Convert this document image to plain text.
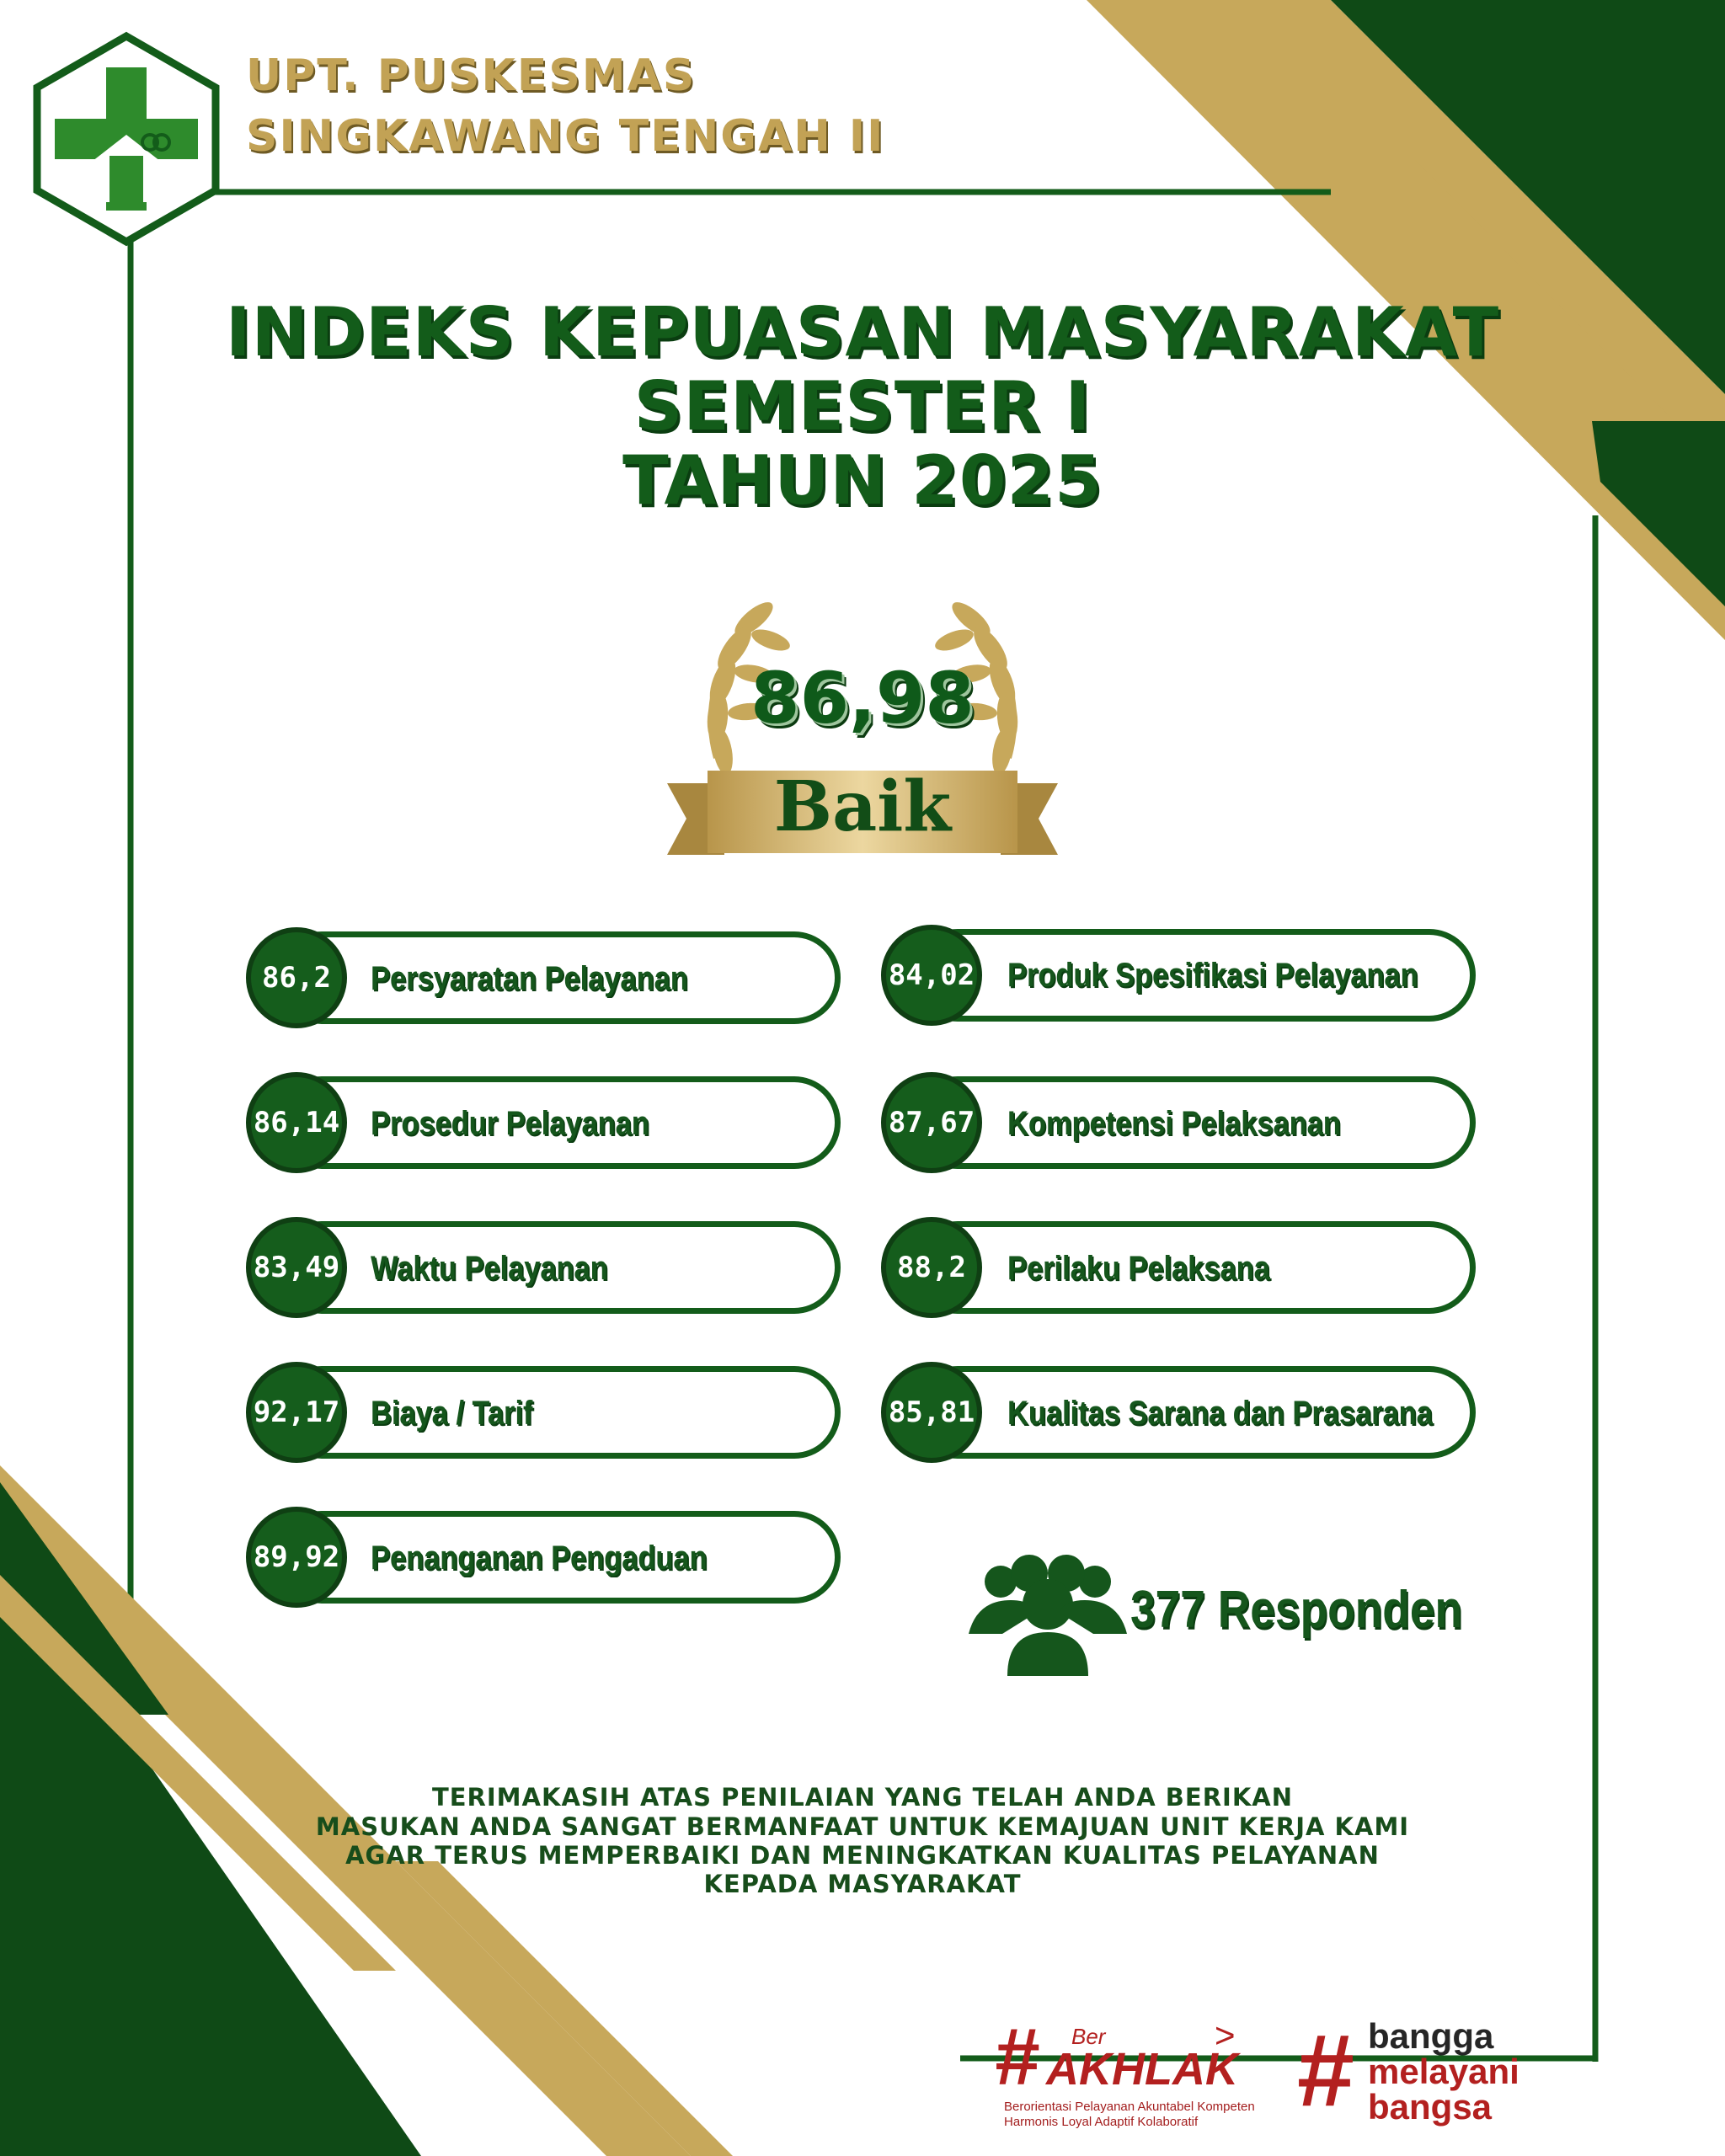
UPT. PUSKESMAS
SINGKAWANG TENGAH II
INDEKS KEPUASAN MASYARAKAT
SEMESTER I
TAHUN 2025
86,98
Baik
86,2	Persyaratan Pelayanan
86,14 Prosedur Pelayanan
83,49 Waktu Pelayanan
92,17 Biaya / Tarif
89,92 Penanganan Pengaduan
84,02 Produk Spesifikasi Pelayanan
87,67 Kompetensi Pelaksanan
88,2	Perilaku Pelaksana
85,81 Kualitas Sarana dan Prasarana
377 Responden
TERIMAKASIH ATAS PENILAIAN YANG TELAH ANDA BERIKAN
MASUKAN ANDA SANGAT BERMANFAAT UNTUK KEMAJUAN UNIT KERJA KAMI
AGAR TERUS MEMPERBAIKI DAN MENINGKATKAN KUALITAS PELAYANAN
KEPADA MASYARAKAT
# Ber
AKHLAK
>
Berorientasi Pelayanan Akuntabel Kompeten
Harmonis Loyal Adaptif Kolaboratif # bangga
melayani
bangsa
